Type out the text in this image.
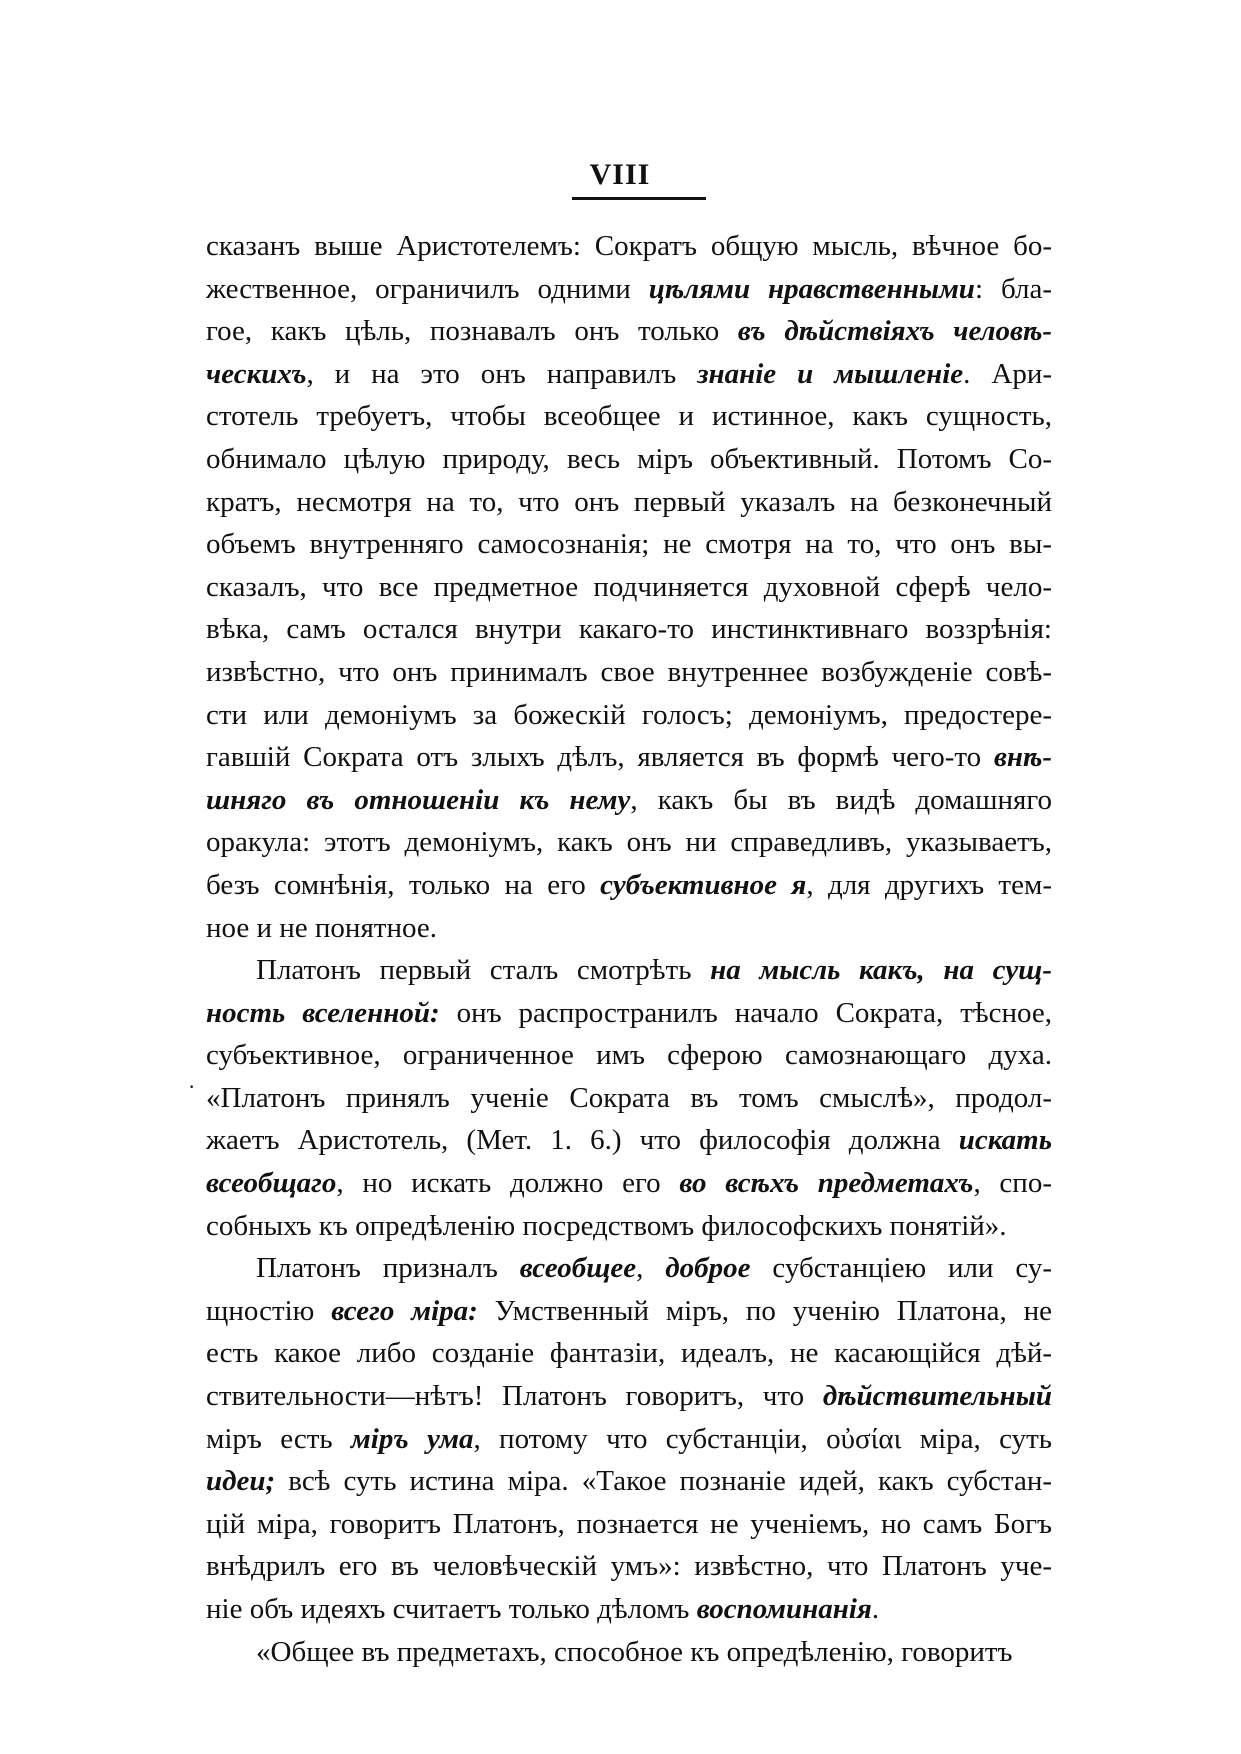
VIII
·
сказанъ выше Аристотелемъ: Сократъ общую мысль, вѣчное бо-
жественное, ограничилъ одними цѣлями нравственными: бла-
гое, какъ цѣль, познавалъ онъ только въ дѣйствіяхъ человѣ-
ческихъ, и на это онъ направилъ знаніе и мышленіе. Ари-
стотель требуетъ, чтобы всеобщее и истинное, какъ сущность,
обнимало цѣлую природу, весь міръ объективный. Потомъ Со-
кратъ, несмотря на то, что онъ первый указалъ на безконечный
объемъ внутренняго самосознанія; не смотря на то, что онъ вы-
сказалъ, что все предметное подчиняется духовной сферѣ чело-
вѣка, самъ остался внутри какаго-то инстинктивнаго воззрѣнія:
извѣстно, что онъ принималъ свое внутреннее возбужденіе совѣ-
сти или демоніумъ за божескій голосъ; демоніумъ, предостере-
гавшій Сократа отъ злыхъ дѣлъ, является въ формѣ чего-то внѣ-
шняго въ отношеніи къ нему, какъ бы въ видѣ домашняго
оракула: этотъ демоніумъ, какъ онъ ни справедливъ, указываетъ,
безъ сомнѣнія, только на его субъективное я, для другихъ тем-
ное и не понятное.
Платонъ первый сталъ смотрѣть на мысль какъ, на сущ-
ность вселенной: онъ распространилъ начало Сократа, тѣсное,
субъективное, ограниченное имъ сферою самознающаго духа.
«Платонъ принялъ ученіе Сократа въ томъ смыслѣ», продол-
жаетъ Аристотель, (Мет. 1. 6.) что философія должна искать
всеобщаго, но искать должно его во всѣхъ предметахъ, спо-
собныхъ къ опредѣленію посредствомъ философскихъ понятій».
Платонъ призналъ всеобщее, доброе субстанціею или су-
щностію всего міра: Умственный міръ, по ученію Платона, не
есть какое либо созданіе фантазіи, идеалъ, не касающійся дѣй-
ствительности—нѣтъ! Платонъ говоритъ, что дѣйствительный
міръ есть міръ ума, потому что субстанціи, οὐσίαι міра, суть
идеи; всѣ суть истина міра. «Такое познаніе идей, какъ субстан-
цій міра, говоритъ Платонъ, познается не ученіемъ, но самъ Богъ
внѣдрилъ его въ человѣческій умъ»: извѣстно, что Платонъ уче-
ніе объ идеяхъ считаетъ только дѣломъ воспоминанія.
«Общее въ предметахъ, способное къ опредѣленію, говоритъ
